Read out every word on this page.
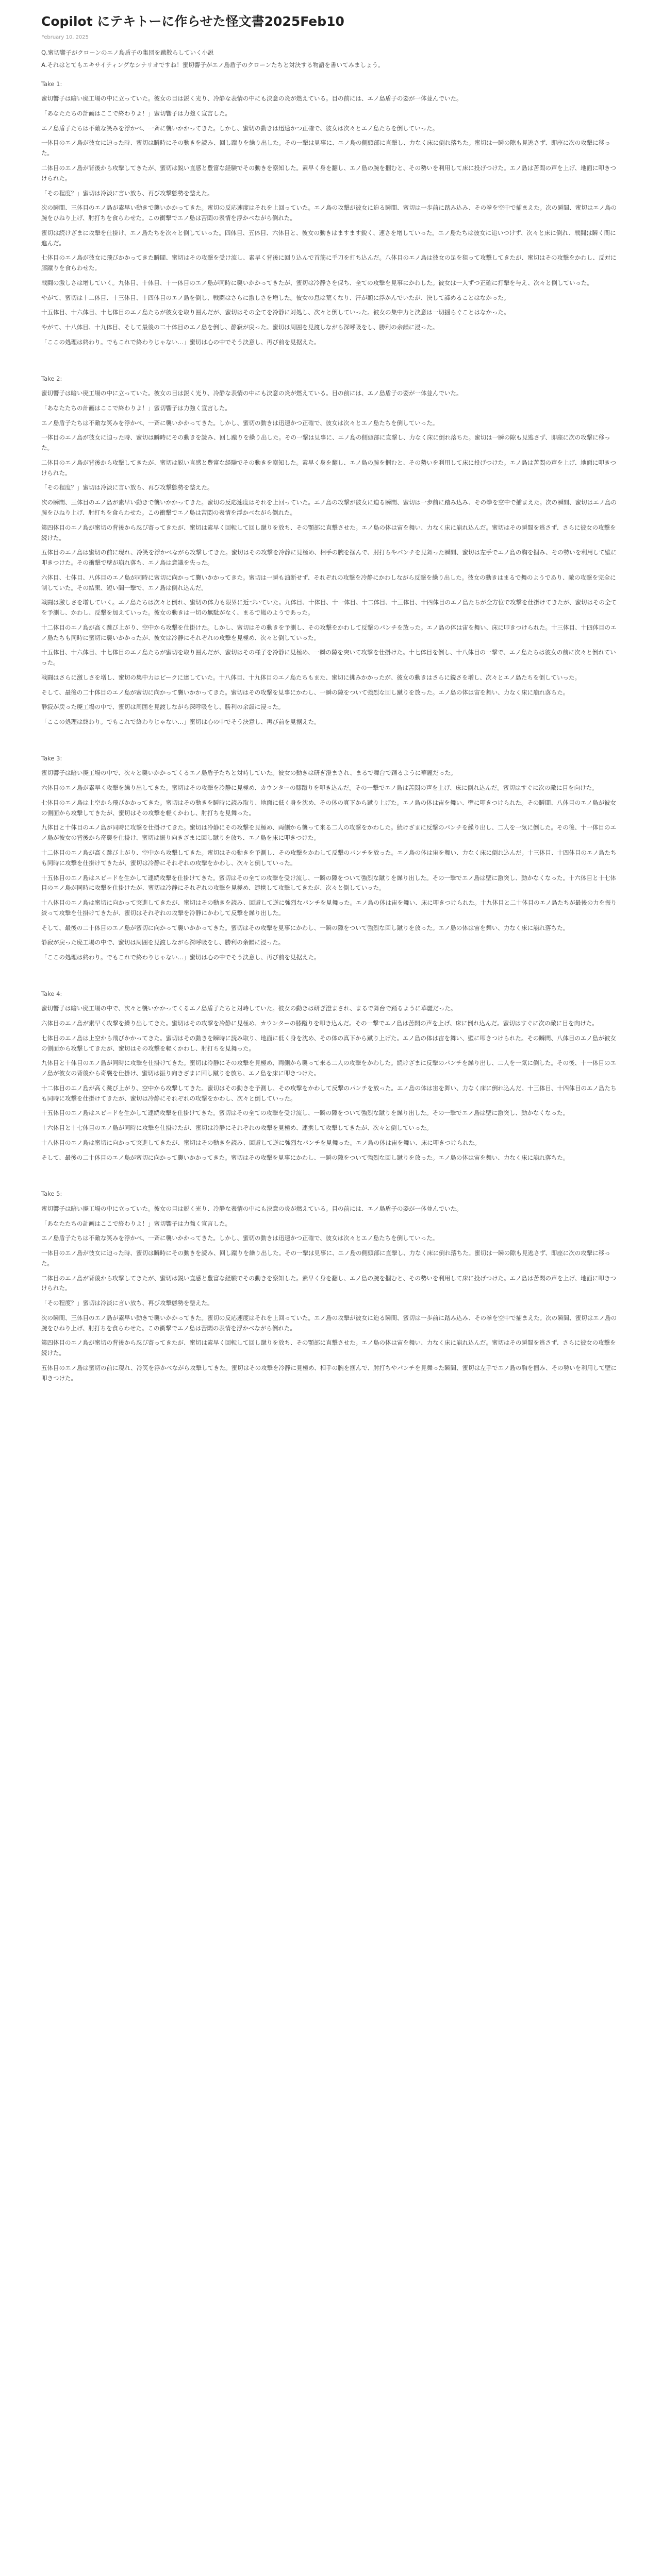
Copilot にテキトーに作らせた怪文書2025Feb10
February 10, 2025

Q.蜜切響子がクローンのエノ島盾子の集団を蹴散らしていく小説

A.それはとてもエキサイティングなシナリオですね！蜜切響子がエノ島盾子のクローンたちと対決する物語を書いてみましょう。

Take 1:

蜜切響子は暗い廃工場の中に立っていた。彼女の目は鋭く光り、冷静な表情の中にも決意の炎が燃えている。目の前には、エノ島盾子の姿が一体並んでいた。

「あなたたちの計画はここで終わりよ！」蜜切響子は力強く宣言した。

エノ島盾子たちは不敵な笑みを浮かべ、一斉に襲いかかってきた。しかし、蜜切の動きは迅速かつ正確で、彼女は次々とエノ島たちを倒していった。

一体目のエノ島が彼女に迫った時、蜜切は瞬時にその動きを読み、回し蹴りを繰り出した。その一撃は見事に、エノ島の側頭部に直撃し、力なく床に倒れ落ちた。蜜切は一瞬の隙も見逃さず、即座に次の攻撃に移った。

二体目のエノ島が背後から攻撃してきたが、蜜切は鋭い直感と豊富な経験でその動きを察知した。素早く身を翻し、エノ島の腕を掴むと、その勢いを利用して床に投げつけた。エノ島は苦悶の声を上げ、地面に叩きつけられた。

「その程度？」蜜切は冷淡に言い放ち、再び攻撃態勢を整えた。

次の瞬間、三体目のエノ島が素早い動きで襲いかかってきた。蜜切の反応速度はそれを上回っていた。エノ島の攻撃が彼女に迫る瞬間、蜜切は一歩前に踏み込み、その拳を空中で捕まえた。次の瞬間、蜜切はエノ島の腕をひねり上げ、肘打ちを食らわせた。この衝撃でエノ島は苦悶の表情を浮かべながら倒れた。

蜜切は続けざまに攻撃を仕掛け、エノ島たちを次々と倒していった。四体目、五体目、六体目と、彼女の動きはますます鋭く、速さを増していった。エノ島たちは彼女に追いつけず、次々と床に倒れ、戦闘は瞬く間に進んだ。

七体目のエノ島が彼女に飛びかかってきた瞬間、蜜切はその攻撃を受け流し、素早く背後に回り込んで首筋に手刀を打ち込んだ。八体目のエノ島は彼女の足を狙って攻撃してきたが、蜜切はその攻撃をかわし、反対に膝蹴りを食らわせた。

戦闘の激しさは増していく。九体目、十体目、十一体目のエノ島が同時に襲いかかってきたが、蜜切は冷静さを保ち、全ての攻撃を見事にかわした。彼女は一人ずつ正確に打撃を与え、次々と倒していった。

やがて、蜜切は十二体目、十三体目、十四体目のエノ島を倒し、戦闘はさらに激しさを増した。彼女の息は荒くなり、汗が額に浮かんでいたが、決して諦めることはなかった。

十五体目、十六体目、十七体目のエノ島たちが彼女を取り囲んだが、蜜切はその全てを冷静に対処し、次々と倒していった。彼女の集中力と決意は一切揺らぐことはなかった。

やがて、十八体目、十九体目、そして最後の二十体目のエノ島を倒し、静寂が戻った。蜜切は周囲を見渡しながら深呼吸をし、勝利の余韻に浸った。

「ここの処理は終わり。でもこれで終わりじゃない…」蜜切は心の中でそう決意し、再び前を見据えた。

Take 2:

蜜切響子は暗い廃工場の中に立っていた。彼女の目は鋭く光り、冷静な表情の中にも決意の炎が燃えている。目の前には、エノ島盾子の姿が一体並んでいた。

「あなたたちの計画はここで終わりよ！」蜜切響子は力強く宣言した。

エノ島盾子たちは不敵な笑みを浮かべ、一斉に襲いかかってきた。しかし、蜜切の動きは迅速かつ正確で、彼女は次々とエノ島たちを倒していった。

一体目のエノ島が彼女に迫った時、蜜切は瞬時にその動きを読み、回し蹴りを繰り出した。その一撃は見事に、エノ島の側頭部に直撃し、力なく床に倒れ落ちた。蜜切は一瞬の隙も見逃さず、即座に次の攻撃に移った。

二体目のエノ島が背後から攻撃してきたが、蜜切は鋭い直感と豊富な経験でその動きを察知した。素早く身を翻し、エノ島の腕を掴むと、その勢いを利用して床に投げつけた。エノ島は苦悶の声を上げ、地面に叩きつけられた。

「その程度？」蜜切は冷淡に言い放ち、再び攻撃態勢を整えた。

次の瞬間、三体目のエノ島が素早い動きで襲いかかってきた。蜜切の反応速度はそれを上回っていた。エノ島の攻撃が彼女に迫る瞬間、蜜切は一歩前に踏み込み、その拳を空中で捕まえた。次の瞬間、蜜切はエノ島の腕をひねり上げ、肘打ちを食らわせた。この衝撃でエノ島は苦悶の表情を浮かべながら倒れた。

第四体目のエノ島が蜜切の背後から忍び寄ってきたが、蜜切は素早く回転して回し蹴りを放ち、その顎部に直撃させた。エノ島の体は宙を舞い、力なく床に崩れ込んだ。蜜切はその瞬間を逃さず、さらに彼女の攻撃を続けた。

五体目のエノ島は蜜切の前に現れ、冷笑を浮かべながら攻撃してきた。蜜切はその攻撃を冷静に見極め、相手の腕を掴んで、肘打ちやパンチを見舞った瞬間、蜜切は左手でエノ島の胸を掴み、その勢いを利用して壁に叩きつけた。その衝撃で壁が崩れ落ち、エノ島は意識を失った。

六体目、七体目、八体目のエノ島が同時に蜜切に向かって襲いかかってきた。蜜切は一瞬も油断せず、それぞれの攻撃を冷静にかわしながら反撃を繰り出した。彼女の動きはまるで舞のようであり、敵の攻撃を完全に制していた。その結果、短い間一撃で、エノ島は倒れ込んだ。

戦闘は激しさを増していく。エノ島たちは次々と倒れ、蜜切の体力も限界に近づいていた。九体目、十体目、十一体目、十二体目、十三体目、十四体目のエノ島たちが全方位で攻撃を仕掛けてきたが、蜜切はその全てを予測し、かわし、反撃を加えていった。彼女の動きは一切の無駄がなく、まるで嵐のようであった。

十二体目のエノ島が高く跳び上がり、空中から攻撃を仕掛けた。しかし、蜜切はその動きを予測し、その攻撃をかわして反撃のパンチを放った。エノ島の体は宙を舞い、床に叩きつけられた。十三体目、十四体目のエノ島たちも同時に蜜切に襲いかかったが、彼女は冷静にそれぞれの攻撃を見極め、次々と倒していった。

十五体目、十六体目、十七体目のエノ島たちが蜜切を取り囲んだが、蜜切はその様子を冷静に見極め、一瞬の隙を突いて攻撃を仕掛けた。十七体目を倒し、十八体目の一撃で、エノ島たちは彼女の前に次々と倒れていった。

戦闘はさらに激しさを増し、蜜切の集中力はピークに達していた。十八体目、十九体目のエノ島たちもまた、蜜切に挑みかかったが、彼女の動きはさらに鋭さを増し、次々とエノ島たちを倒していった。

そして、最後の二十体目のエノ島が蜜切に向かって襲いかかってきた。蜜切はその攻撃を見事にかわし、一瞬の隙をついて強烈な回し蹴りを放った。エノ島の体は宙を舞い、力なく床に崩れ落ちた。

静寂が戻った廃工場の中で、蜜切は周囲を見渡しながら深呼吸をし、勝利の余韻に浸った。

「ここの処理は終わり。でもこれで終わりじゃない…」蜜切は心の中でそう決意し、再び前を見据えた。

Take 3:

蜜切響子は暗い廃工場の中で、次々と襲いかかってくるエノ島盾子たちと対峙していた。彼女の動きは研ぎ澄まされ、まるで舞台で踊るように華麗だった。

六体目のエノ島が素早く攻撃を繰り出してきた。蜜切はその攻撃を冷静に見極め、カウンターの膝蹴りを叩き込んだ。その一撃でエノ島は苦悶の声を上げ、床に倒れ込んだ。蜜切はすぐに次の敵に目を向けた。

七体目のエノ島は上空から飛びかかってきた。蜜切はその動きを瞬時に読み取り、地面に低く身を沈め、その体の真下から蹴り上げた。エノ島の体は宙を舞い、壁に叩きつけられた。その瞬間、八体目のエノ島が彼女の側面から攻撃してきたが、蜜切はその攻撃を軽くかわし、肘打ちを見舞った。

九体目と十体目のエノ島が同時に攻撃を仕掛けてきた。蜜切は冷静にその攻撃を見極め、両側から襲って来る二人の攻撃をかわした。続けざまに反撃のパンチを繰り出し、二人を一気に倒した。その後、十一体目のエノ島が彼女の背後から奇襲を仕掛け、蜜切は振り向きざまに回し蹴りを放ち、エノ島を床に叩きつけた。

十二体目のエノ島が高く跳び上がり、空中から攻撃してきた。蜜切はその動きを予測し、その攻撃をかわして反撃のパンチを放った。エノ島の体は宙を舞い、力なく床に倒れ込んだ。十三体目、十四体目のエノ島たちも同時に攻撃を仕掛けてきたが、蜜切は冷静にそれぞれの攻撃をかわし、次々と倒していった。

十五体目のエノ島はスピードを生かして連続攻撃を仕掛けてきた。蜜切はその全ての攻撃を受け流し、一瞬の隙をついて強烈な蹴りを繰り出した。その一撃でエノ島は壁に激突し、動かなくなった。十六体目と十七体目のエノ島が同時に攻撃を仕掛けたが、蜜切は冷静にそれぞれの攻撃を見極め、連携して攻撃してきたが、次々と倒していった。

十八体目のエノ島は蜜切に向かって突進してきたが、蜜切はその動きを読み、回避して逆に強烈なパンチを見舞った。エノ島の体は宙を舞い、床に叩きつけられた。十九体目と二十体目のエノ島たちが最後の力を振り絞って攻撃を仕掛けてきたが、蜜切はそれぞれの攻撃を冷静にかわして反撃を繰り出した。

そして、最後の二十体目のエノ島が蜜切に向かって襲いかかってきた。蜜切はその攻撃を見事にかわし、一瞬の隙をついて強烈な回し蹴りを放った。エノ島の体は宙を舞い、力なく床に崩れ落ちた。

静寂が戻った廃工場の中で、蜜切は周囲を見渡しながら深呼吸をし、勝利の余韻に浸った。

「ここの処理は終わり。でもこれで終わりじゃない…」蜜切は心の中でそう決意し、再び前を見据えた。

Take 4:

蜜切響子は暗い廃工場の中で、次々と襲いかかってくるエノ島盾子たちと対峙していた。彼女の動きは研ぎ澄まされ、まるで舞台で踊るように華麗だった。

六体目のエノ島が素早く攻撃を繰り出してきた。蜜切はその攻撃を冷静に見極め、カウンターの膝蹴りを叩き込んだ。その一撃でエノ島は苦悶の声を上げ、床に倒れ込んだ。蜜切はすぐに次の敵に目を向けた。

七体目のエノ島は上空から飛びかかってきた。蜜切はその動きを瞬時に読み取り、地面に低く身を沈め、その体の真下から蹴り上げた。エノ島の体は宙を舞い、壁に叩きつけられた。その瞬間、八体目のエノ島が彼女の側面から攻撃してきたが、蜜切はその攻撃を軽くかわし、肘打ちを見舞った。

九体目と十体目のエノ島が同時に攻撃を仕掛けてきた。蜜切は冷静にその攻撃を見極め、両側から襲って来る二人の攻撃をかわした。続けざまに反撃のパンチを繰り出し、二人を一気に倒した。その後、十一体目のエノ島が彼女の背後から奇襲を仕掛け、蜜切は振り向きざまに回し蹴りを放ち、エノ島を床に叩きつけた。

十二体目のエノ島が高く跳び上がり、空中から攻撃してきた。蜜切はその動きを予測し、その攻撃をかわして反撃のパンチを放った。エノ島の体は宙を舞い、力なく床に倒れ込んだ。十三体目、十四体目のエノ島たちも同時に攻撃を仕掛けてきたが、蜜切は冷静にそれぞれの攻撃をかわし、次々と倒していった。

十五体目のエノ島はスピードを生かして連続攻撃を仕掛けてきた。蜜切はその全ての攻撃を受け流し、一瞬の隙をついて強烈な蹴りを繰り出した。その一撃でエノ島は壁に激突し、動かなくなった。

十六体目と十七体目のエノ島が同時に攻撃を仕掛けたが、蜜切は冷静にそれぞれの攻撃を見極め、連携して攻撃してきたが、次々と倒していった。

十八体目のエノ島は蜜切に向かって突進してきたが、蜜切はその動きを読み、回避して逆に強烈なパンチを見舞った。エノ島の体は宙を舞い、床に叩きつけられた。

そして、最後の二十体目のエノ島が蜜切に向かって襲いかかってきた。蜜切はその攻撃を見事にかわし、一瞬の隙をついて強烈な回し蹴りを放った。エノ島の体は宙を舞い、力なく床に崩れ落ちた。

Take 5:

蜜切響子は暗い廃工場の中に立っていた。彼女の目は鋭く光り、冷静な表情の中にも決意の炎が燃えている。目の前には、エノ島盾子の姿が一体並んでいた。

「あなたたちの計画はここで終わりよ！」蜜切響子は力強く宣言した。

エノ島盾子たちは不敵な笑みを浮かべ、一斉に襲いかかってきた。しかし、蜜切の動きは迅速かつ正確で、彼女は次々とエノ島たちを倒していった。

一体目のエノ島が彼女に迫った時、蜜切は瞬時にその動きを読み、回し蹴りを繰り出した。その一撃は見事に、エノ島の側頭部に直撃し、力なく床に倒れ落ちた。蜜切は一瞬の隙も見逃さず、即座に次の攻撃に移った。

二体目のエノ島が背後から攻撃してきたが、蜜切は鋭い直感と豊富な経験でその動きを察知した。素早く身を翻し、エノ島の腕を掴むと、その勢いを利用して床に投げつけた。エノ島は苦悶の声を上げ、地面に叩きつけられた。

「その程度？」蜜切は冷淡に言い放ち、再び攻撃態勢を整えた。

次の瞬間、三体目のエノ島が素早い動きで襲いかかってきた。蜜切の反応速度はそれを上回っていた。エノ島の攻撃が彼女に迫る瞬間、蜜切は一歩前に踏み込み、その拳を空中で捕まえた。次の瞬間、蜜切はエノ島の腕をひねり上げ、肘打ちを食らわせた。この衝撃でエノ島は苦悶の表情を浮かべながら倒れた。

第四体目のエノ島が蜜切の背後から忍び寄ってきたが、蜜切は素早く回転して回し蹴りを放ち、その顎部に直撃させた。エノ島の体は宙を舞い、力なく床に崩れ込んだ。蜜切はその瞬間を逃さず、さらに彼女の攻撃を続けた。

五体目のエノ島は蜜切の前に現れ、冷笑を浮かべながら攻撃してきた。蜜切はその攻撃を冷静に見極め、相手の腕を掴んで、肘打ちやパンチを見舞った瞬間、蜜切は左手でエノ島の胸を掴み、その勢いを利用して壁に叩きつけた。
